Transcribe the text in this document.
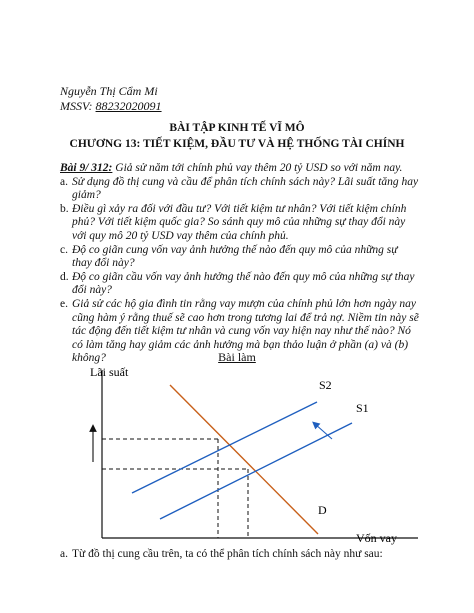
Nguyễn Thị Cẩm Mi
MSSV: 88232020091
BÀI TẬP KINH TẾ VĨ MÔ
CHƯƠNG 13: TIẾT KIỆM, ĐẦU TƯ VÀ HỆ THỐNG TÀI CHÍNH
Bài 9/ 312: Giả sử năm tới chính phủ vay thêm 20 tỷ USD so với năm nay.
a. Sử dụng đồ thị cung và cầu để phân tích chính sách này? Lãi suất tăng hay giảm?
b. Điều gì xảy ra đối với đầu tư? Với tiết kiệm tư nhân? Với tiết kiệm chính phủ? Với tiết kiệm quốc gia? So sánh quy mô của những sự thay đổi này với quy mô 20 tỷ USD vay thêm của chính phủ.
c. Độ co giãn cung vốn vay ảnh hưởng thế nào đến quy mô của những sự thay đổi này?
d. Độ co giãn cầu vốn vay ảnh hưởng thế nào đến quy mô của những sự thay đổi này?
e. Giả sử các hộ gia đình tin rằng vay mượn của chính phủ lớn hơn ngày nay cũng hàm ý rằng thuế sẽ cao hơn trong tương lai để trả nợ. Niềm tin này sẽ tác động đến tiết kiệm tư nhân và cung vốn vay hiện nay như thế nào? Nó có làm tăng hay giảm các ảnh hưởng mà bạn thảo luận ở phần (a) và (b) không?	Bài làm
Lãi suất
Vốn vay
D
S2
S1
a. Từ đồ thị cung cầu trên, ta có thể phân tích chính sách này như sau:
